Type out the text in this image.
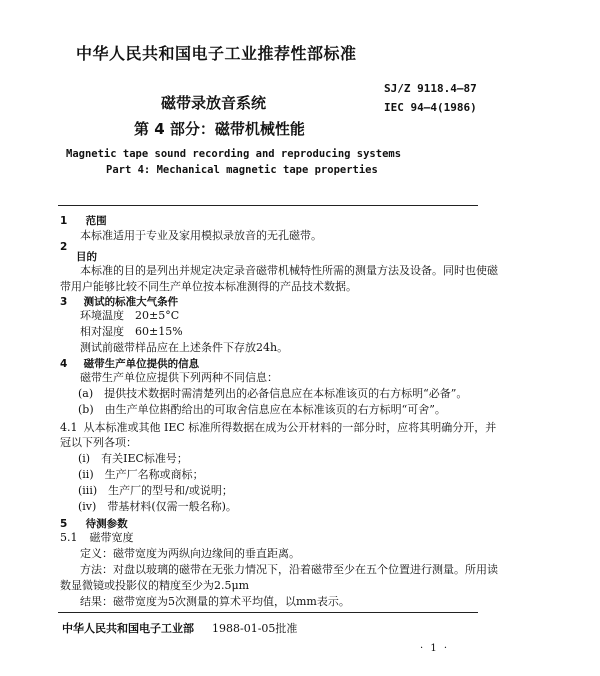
中华人民共和国电子工业推荐性部标准
磁带录放音系统
第 4 部分：磁带机械性能
SJ/Z 9118.4—87
IEC 94—4(1986)
Magnetic tape sound recording and reproducing systems
Part 4: Mechanical magnetic tape properties
1 范围
本标准适用于专业及家用模拟录放音的无孔磁带。
2
目的
本标准的目的是列出并规定决定录音磁带机械特性所需的测量方法及设备。同时也使磁
带用户能够比较不同生产单位按本标准测得的产品技术数据。
3 测试的标准大气条件
环境温度　20±5°C
相对湿度　60±15%
测试前磁带样品应在上述条件下存放24h。
4 磁带生产单位提供的信息
磁带生产单位应提供下列两种不同信息：
(a)　提供技术数据时需清楚列出的必备信息应在本标准该页的右方标明“必备”。
(b)　由生产单位斟酌给出的可取舍信息应在本标准该页的右方标明“可舍”。
4.1 从本标准或其他 IEC 标准所得数据在成为公开材料的一部分时，应将其明确分开，并
冠以下列各项：
(i)　有关IEC标准号；
(ii)　生产厂名称或商标；
(iii)　生产厂的型号和/或说明；
(iv)　带基材料(仅需一般名称)。
5 待测参数
5.1 磁带宽度
定义：磁带宽度为两纵向边缘间的垂直距离。
方法：对盘以玻璃的磁带在无张力情况下，沿着磁带至少在五个位置进行测量。所用读
数显微镜或投影仪的精度至少为2.5μm
结果：磁带宽度为5次测量的算术平均值，以mm表示。
中华人民共和国电子工业部 1988-01-05批准
· 1 ·
